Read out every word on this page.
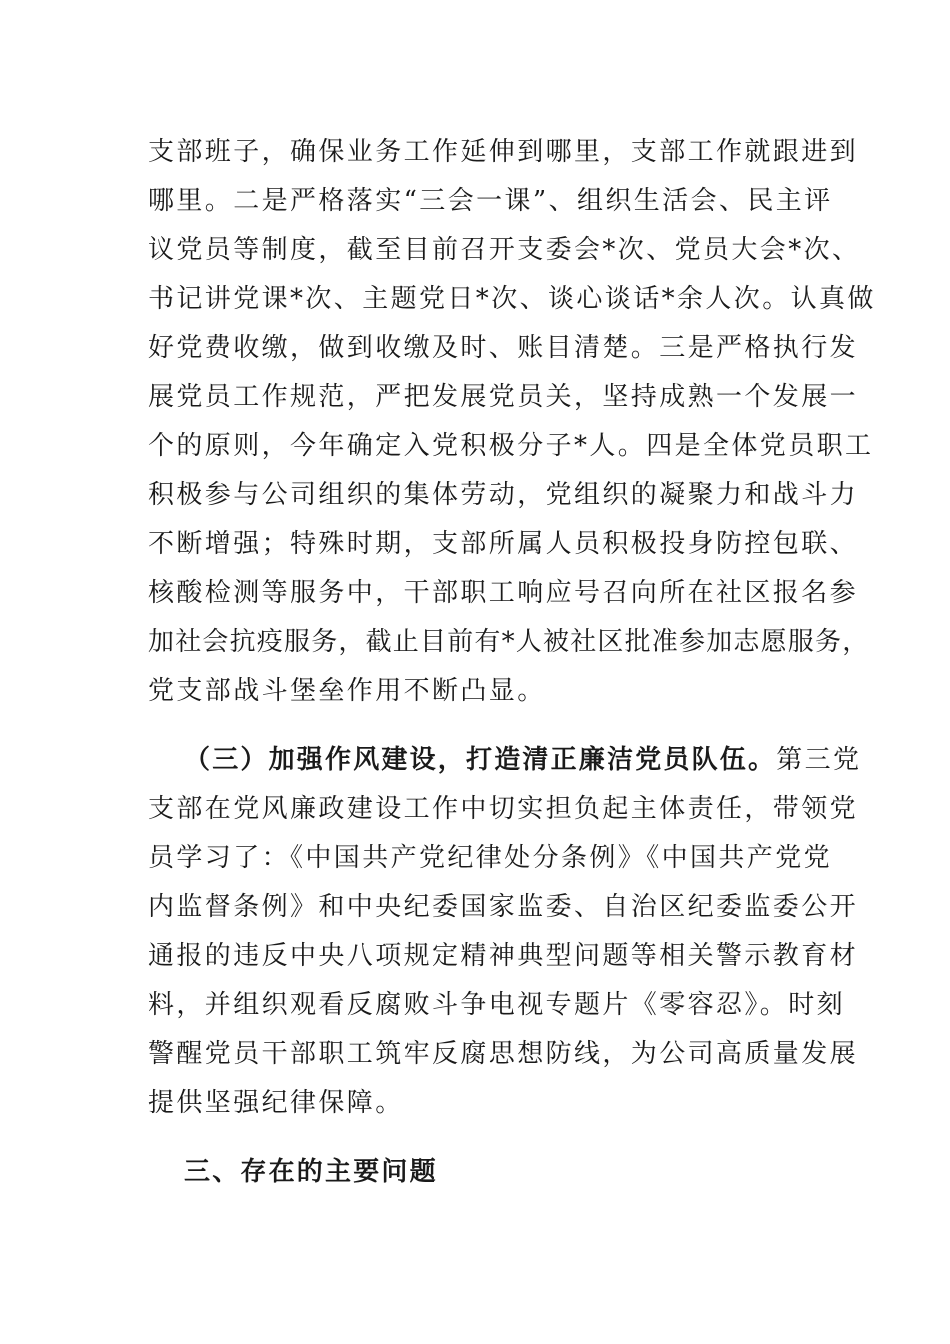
支部班子，确保业务工作延伸到哪里，支部工作就跟进到
哪里。二是严格落实“三会一课”、组织生活会、民主评
议党员等制度，截至目前召开支委会*次、党员大会*次、
书记讲党课*次、主题党日*次、谈心谈话*余人次。认真做
好党费收缴，做到收缴及时、账目清楚。三是严格执行发
展党员工作规范，严把发展党员关，坚持成熟一个发展一
个的原则，今年确定入党积极分子*人。四是全体党员职工
积极参与公司组织的集体劳动，党组织的凝聚力和战斗力
不断增强；特殊时期，支部所属人员积极投身防控包联、
核酸检测等服务中，干部职工响应号召向所在社区报名参
加社会抗疫服务，截止目前有*人被社区批准参加志愿服务，
党支部战斗堡垒作用不断凸显。
（三）加强作风建设，打造清正廉洁党员队伍。第三党
支部在党风廉政建设工作中切实担负起主体责任，带领党
员学习了：《中国共产党纪律处分条例》《中国共产党党
内监督条例》和中央纪委国家监委、自治区纪委监委公开
通报的违反中央八项规定精神典型问题等相关警示教育材
料，并组织观看反腐败斗争电视专题片《零容忍》。时刻
警醒党员干部职工筑牢反腐思想防线，为公司高质量发展
提供坚强纪律保障。
三、存在的主要问题
